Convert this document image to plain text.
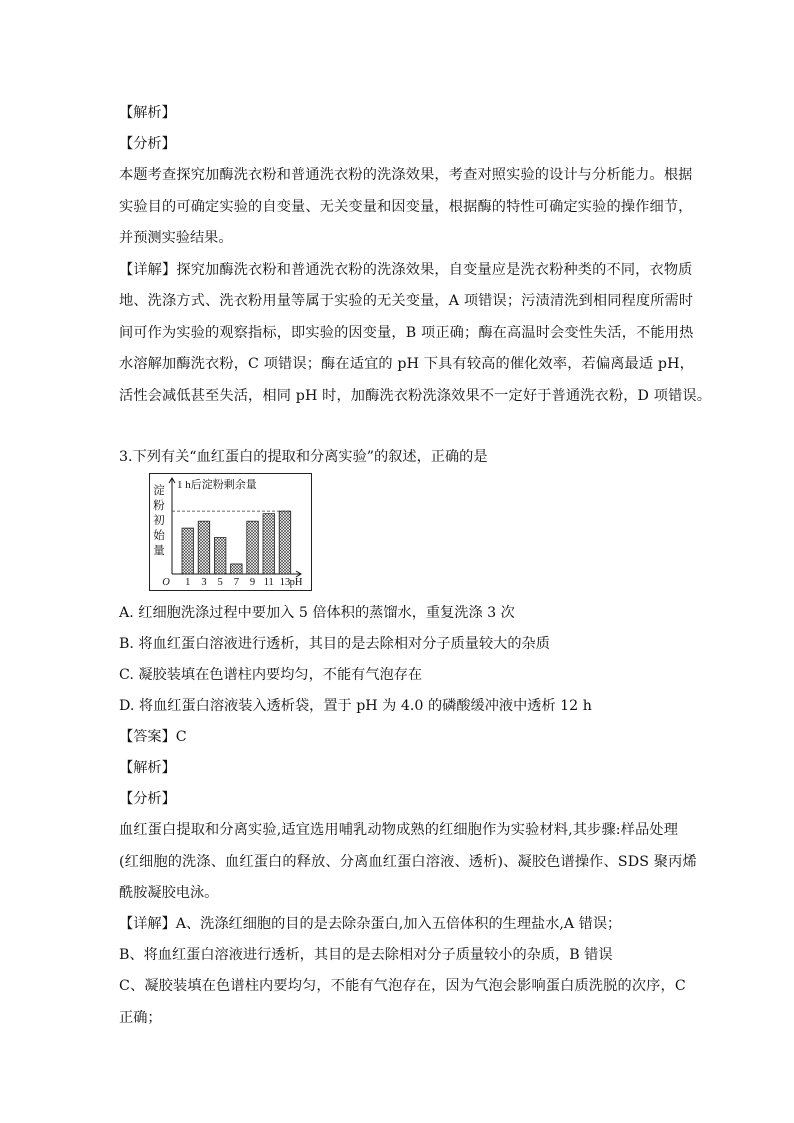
【解析】
【分析】
本题考查探究加酶洗衣粉和普通洗衣粉的洗涤效果，考查对照实验的设计与分析能力。根据
实验目的可确定实验的自变量、无关变量和因变量，根据酶的特性可确定实验的操作细节，
并预测实验结果。
【详解】探究加酶洗衣粉和普通洗衣粉的洗涤效果，自变量应是洗衣粉种类的不同，衣物质
地、洗涤方式、洗衣粉用量等属于实验的无关变量，A 项错误；污渍清洗到相同程度所需时
间可作为实验的观察指标，即实验的因变量，B 项正确；酶在高温时会变性失活，不能用热
水溶解加酶洗衣粉，C 项错误；酶在适宜的 pH 下具有较高的催化效率，若偏离最适 pH，
活性会减低甚至失活，相同 pH 时，加酶洗衣粉洗涤效果不一定好于普通洗衣粉，D 项错误。
3.下列有关“血红蛋白的提取和分离实验”的叙述，正确的是
淀
粉
初
始
量
1 h后淀粉剩余量
1 3 5 7 9 11 13
O	pH
A. 红细胞洗涤过程中要加入 5 倍体积的蒸馏水，重复洗涤 3 次
B. 将血红蛋白溶液进行透析，其目的是去除相对分子质量较大的杂质
C. 凝胶装填在色谱柱内要均匀，不能有气泡存在
D. 将血红蛋白溶液装入透析袋，置于 pH 为 4.0 的磷酸缓冲液中透析 12 h
【答案】C
【解析】
【分析】
血红蛋白提取和分离实验,适宜选用哺乳动物成熟的红细胞作为实验材料,其步骤:样品处理
(红细胞的洗涤、血红蛋白的释放、分离血红蛋白溶液、透析)、凝胶色谱操作、SDS 聚丙烯
酰胺凝胶电泳。
【详解】A、洗涤红细胞的目的是去除杂蛋白,加入五倍体积的生理盐水,A 错误；
B、将血红蛋白溶液进行透析，其目的是去除相对分子质量较小的杂质，B 错误
C、凝胶装填在色谱柱内要均匀，不能有气泡存在，因为气泡会影响蛋白质洗脱的次序，C
正确；
